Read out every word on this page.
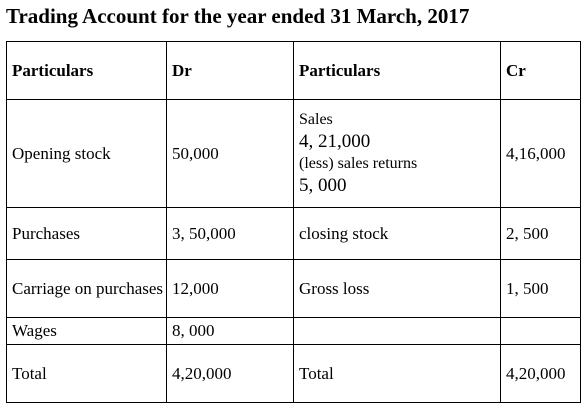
Trading Account for the year ended 31 March, 2017
Particulars	Dr	Particulars	Cr
Opening stock	50,000	Sales
4, 21,000
(less) sales returns
5, 000	4,16,000
Purchases	3, 50,000	closing stock	2, 500
Carriage on purchases	12,000	Gross loss	1, 500
Wages	8, 000		
Total	4,20,000	Total	4,20,000
